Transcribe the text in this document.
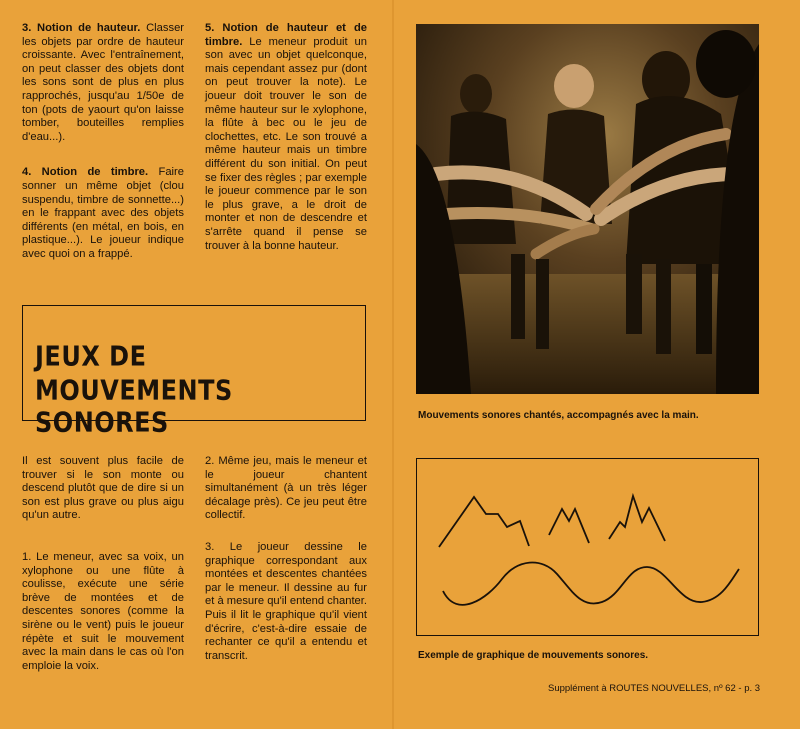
3. Notion de hauteur. Classer les objets par ordre de hauteur croissante. Avec l'entraînement, on peut classer des objets dont les sons sont de plus en plus rapprochés, jusqu'au 1/50e de ton (pots de yaourt qu'on laisse tomber, bouteilles remplies d'eau...).

4. Notion de timbre. Faire sonner un même objet (clou suspendu, timbre de sonnette...) en le frappant avec des objets différents (en métal, en bois, en plastique...). Le joueur indique avec quoi on a frappé.

5. Notion de hauteur et de timbre. Le meneur produit un son avec un objet quelconque, mais cependant assez pur (dont on peut trouver la note). Le joueur doit trouver le son de même hauteur sur le xylophone, la flûte à bec ou le jeu de clochettes, etc. Le son trouvé a même hauteur mais un timbre différent du son initial. On peut se fixer des règles ; par exemple le joueur commence par le son le plus grave, a le droit de monter et non de descendre et s'arrête quand il pense se trouver à la bonne hauteur.

JEUX DE
MOUVEMENTS SONORES

Il est souvent plus facile de trouver si le son monte ou descend plutôt que de dire si un son est plus grave ou plus aigu qu'un autre.

1. Le meneur, avec sa voix, un xylophone ou une flûte à coulisse, exécute une série brève de montées et de descentes sonores (comme la sirène ou le vent) puis le joueur répète et suit le mouvement avec la main dans le cas où l'on emploie la voix.

2. Même jeu, mais le meneur et le joueur chantent simultanément (à un très léger décalage près). Ce jeu peut être collectif.

3. Le joueur dessine le graphique correspondant aux montées et descentes chantées par le meneur. Il dessine au fur et à mesure qu'il entend chanter. Puis il lit le graphique qu'il vient d'écrire, c'est-à-dire essaie de rechanter ce qu'il a entendu et transcrit.

Mouvements sonores chantés, accompagnés avec la main.
Exemple de graphique de mouvements sonores.
Supplément à ROUTES NOUVELLES, nº 62 - p. 3
